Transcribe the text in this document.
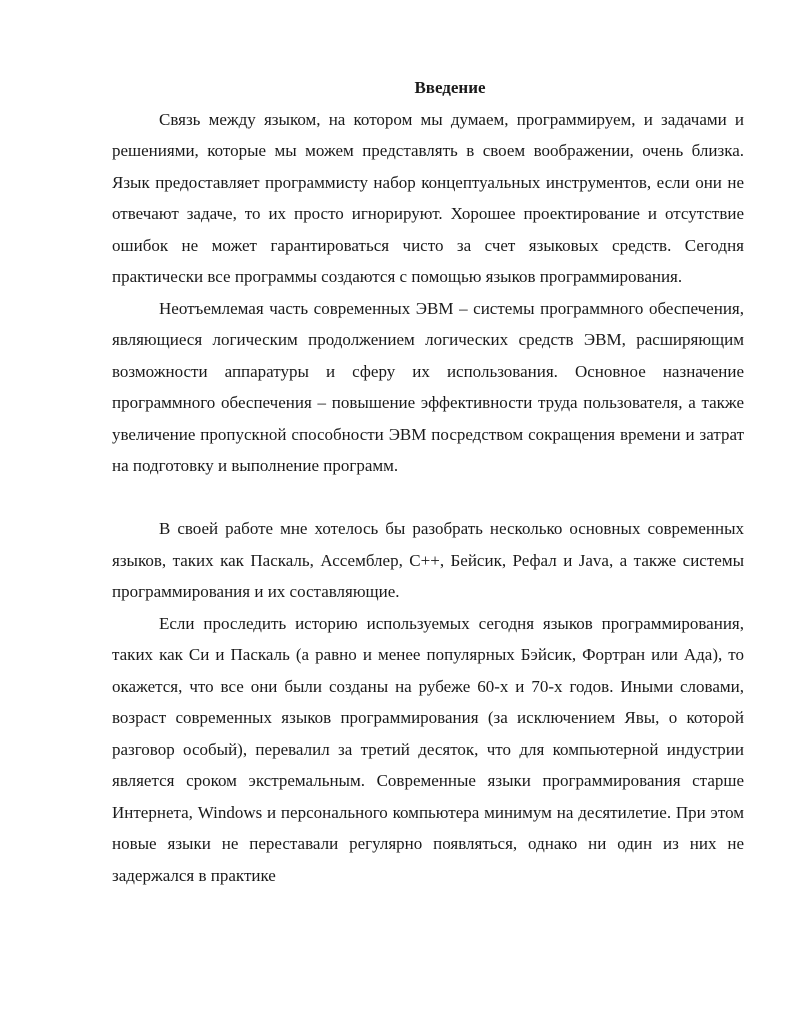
Введение

Связь между языком, на котором мы думаем, программируем, и задачами и решениями, которые мы можем представлять в своем воображении, очень близка. Язык предоставляет программисту набор концептуальных инструментов, если они не отвечают задаче, то их просто игнорируют. Хорошее проектирование и отсутствие ошибок не может гарантироваться чисто за счет языковых средств. Сегодня практически все программы создаются с помощью языков программирования.

Неотъемлемая часть современных ЭВМ – системы программного обеспечения, являющиеся логическим продолжением логических средств ЭВМ, расширяющим возможности аппаратуры и сферу их использования. Основное назначение программного обеспечения – повышение эффективности труда пользователя, а также увеличение пропускной способности ЭВМ посредством сокращения времени и затрат на подготовку и выполнение программ.

В своей работе мне хотелось бы разобрать несколько основных современных языков, таких как Паскаль, Ассемблер, С++, Бейсик, Рефал и Java, а также системы программирования и их составляющие.

Если проследить историю используемых сегодня языков программирования, таких как Си и Паскаль (а равно и менее популярных Бэйсик, Фортран или Ада), то окажется, что все они были созданы на рубеже 60-х и 70-х годов. Иными словами, возраст современных языков программирования (за исключением Явы, о которой разговор особый), перевалил за третий десяток, что для компьютерной индустрии является сроком экстремальным. Современные языки программирования старше Интернета, Windows и персонального компьютера минимум на десятилетие. При этом новые языки не переставали регулярно появляться, однако ни один из них не задержался в практике
